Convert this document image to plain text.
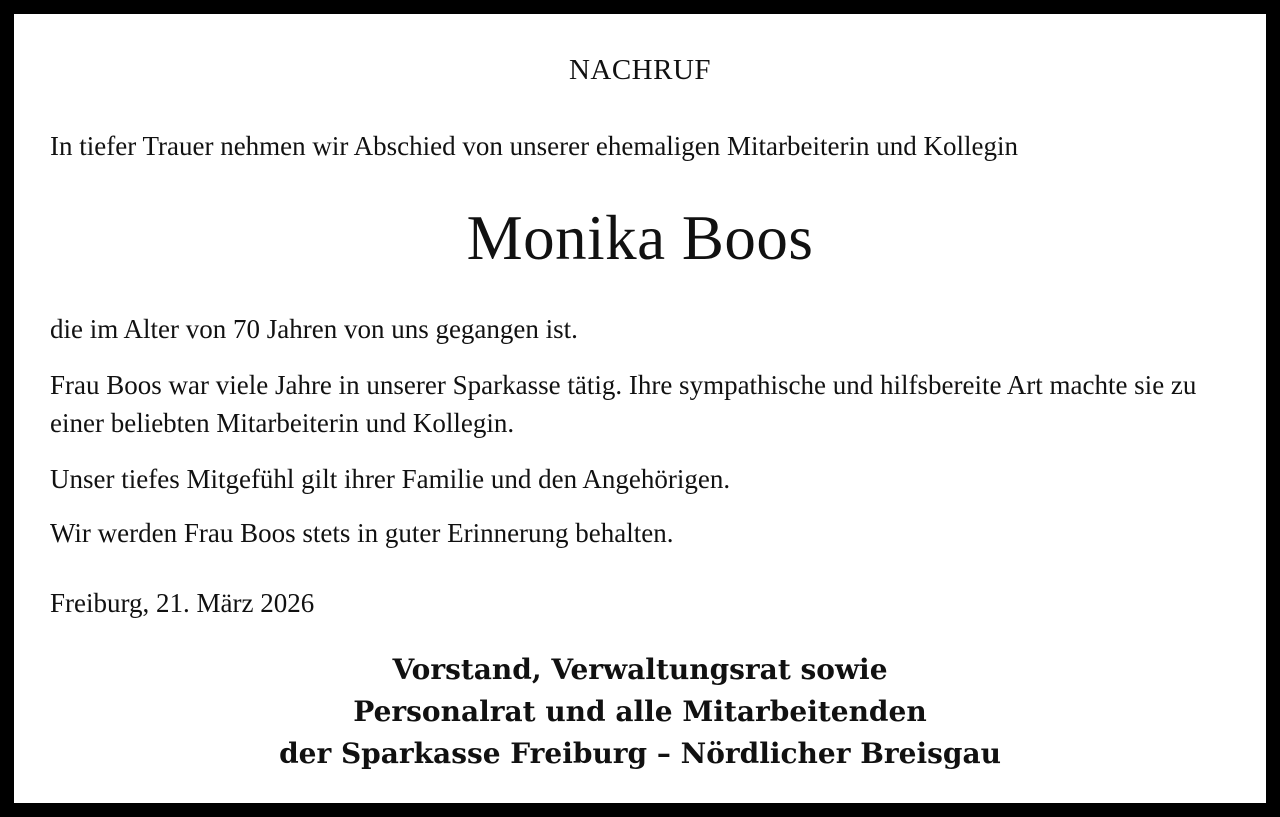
NACHRUF
In tiefer Trauer nehmen wir Abschied von unserer ehemaligen Mitarbeiterin und Kollegin
Monika Boos
die im Alter von 70 Jahren von uns gegangen ist.
Frau Boos war viele Jahre in unserer Sparkasse tätig. Ihre sympathische und hilfsbereite Art machte sie zu einer beliebten Mitarbeiterin und Kollegin.
Unser tiefes Mitgefühl gilt ihrer Familie und den Angehörigen.
Wir werden Frau Boos stets in guter Erinnerung behalten.
Freiburg, 21. März 2026
Vorstand, Verwaltungsrat sowie
Personalrat und alle Mitarbeitenden
der Sparkasse Freiburg – Nördlicher Breisgau
